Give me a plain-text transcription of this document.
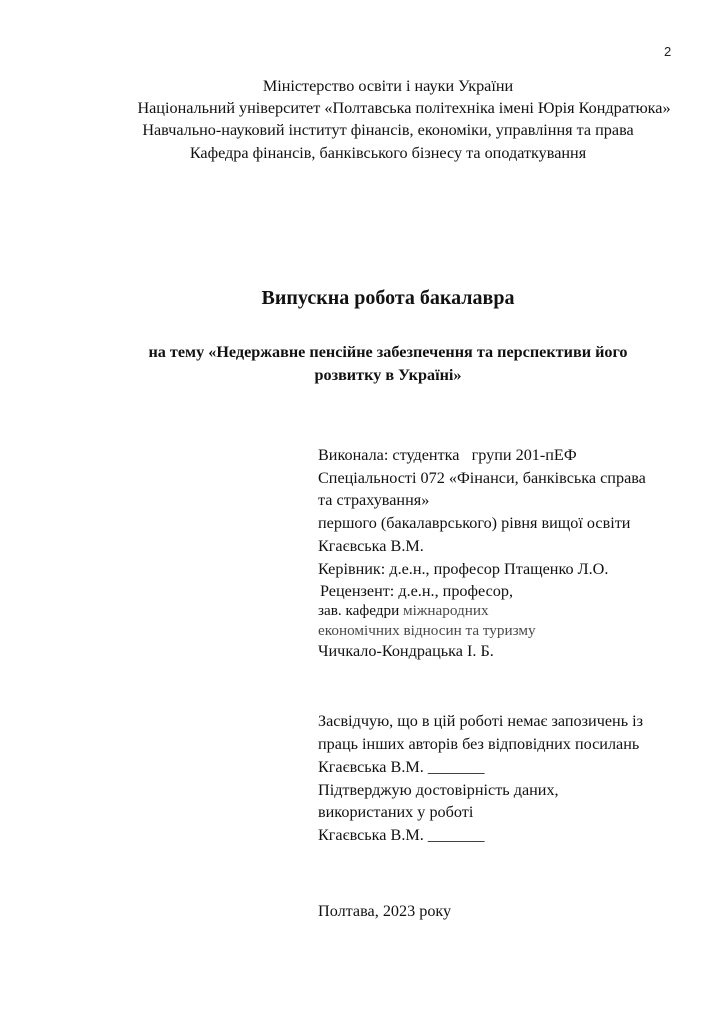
2
Міністерство освіти і науки України
Національний університет «Полтавська політехніка імені Юрія Кондратюка»
Навчально-науковий інститут фінансів, економіки, управління та права
Кафедра фінансів, банківського бізнесу та оподаткування
Випускна робота бакалавра
на тему «Недержавне пенсійне забезпечення та перспективи його
розвитку в Україні»
Виконала: студентка   групи 201-пЕФ
Спеціальності 072 «Фінанси, банківська справа
та страхування»
першого (бакалаврського) рівня вищої освіти
Кгаєвська В.М.
Керівник: д.е.н., професор Птащенко Л.О.
Рецензент: д.е.н., професор,
зав. кафедри міжнародних
економічних відносин та туризму
Чичкало-Кондрацька І. Б.
Засвідчую, що в цій роботі немає запозичень із
праць інших авторів без відповідних посилань
Кгаєвська В.М. _______
Підтверджую достовірність даних,
використаних у роботі
Кгаєвська В.М. _______
Полтава, 2023 року
